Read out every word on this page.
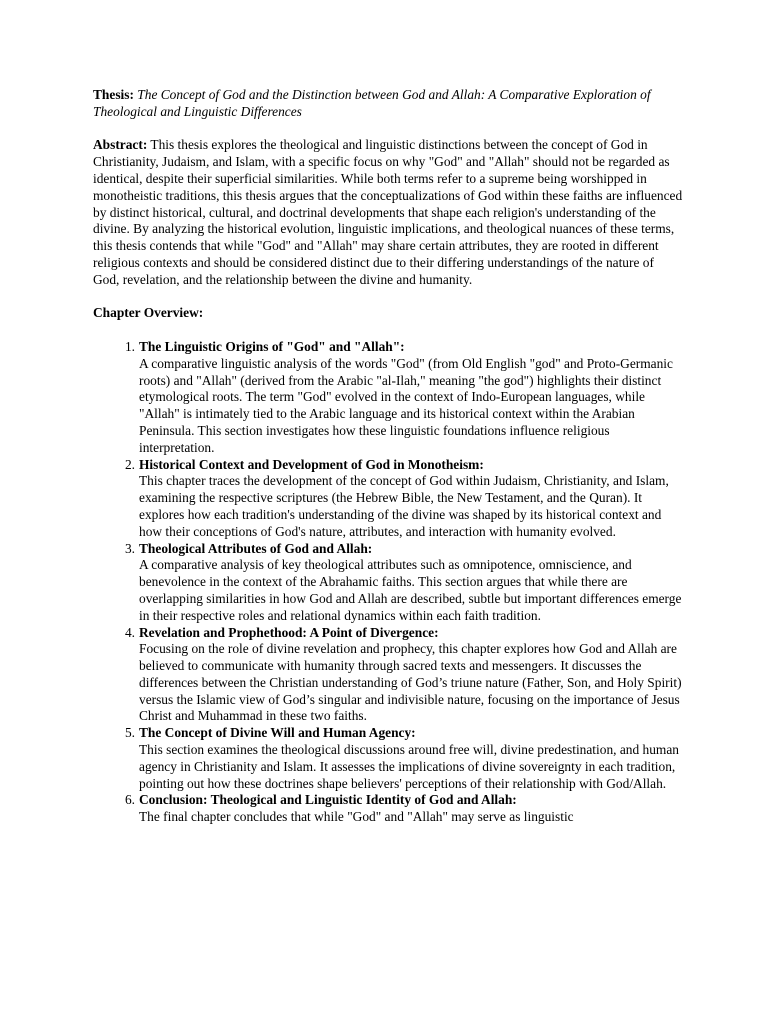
Thesis: The Concept of God and the Distinction between God and Allah: A Comparative Exploration of Theological and Linguistic Differences

Abstract: This thesis explores the theological and linguistic distinctions between the concept of God in Christianity, Judaism, and Islam, with a specific focus on why "God" and "Allah" should not be regarded as identical, despite their superficial similarities. While both terms refer to a supreme being worshipped in monotheistic traditions, this thesis argues that the conceptualizations of God within these faiths are influenced by distinct historical, cultural, and doctrinal developments that shape each religion's understanding of the divine. By analyzing the historical evolution, linguistic implications, and theological nuances of these terms, this thesis contends that while "God" and "Allah" may share certain attributes, they are rooted in different religious contexts and should be considered distinct due to their differing understandings of the nature of God, revelation, and the relationship between the divine and humanity.

Chapter Overview:

1. The Linguistic Origins of "God" and "Allah":
A comparative linguistic analysis of the words "God" (from Old English "god" and Proto-Germanic roots) and "Allah" (derived from the Arabic "al-Ilah," meaning "the god") highlights their distinct etymological roots. The term "God" evolved in the context of Indo-European languages, while "Allah" is intimately tied to the Arabic language and its historical context within the Arabian Peninsula. This section investigates how these linguistic foundations influence religious interpretation.
2. Historical Context and Development of God in Monotheism:
This chapter traces the development of the concept of God within Judaism, Christianity, and Islam, examining the respective scriptures (the Hebrew Bible, the New Testament, and the Quran). It explores how each tradition's understanding of the divine was shaped by its historical context and how their conceptions of God's nature, attributes, and interaction with humanity evolved.
3. Theological Attributes of God and Allah:
A comparative analysis of key theological attributes such as omnipotence, omniscience, and benevolence in the context of the Abrahamic faiths. This section argues that while there are overlapping similarities in how God and Allah are described, subtle but important differences emerge in their respective roles and relational dynamics within each faith tradition.
4. Revelation and Prophethood: A Point of Divergence:
Focusing on the role of divine revelation and prophecy, this chapter explores how God and Allah are believed to communicate with humanity through sacred texts and messengers. It discusses the differences between the Christian understanding of God’s triune nature (Father, Son, and Holy Spirit) versus the Islamic view of God’s singular and indivisible nature, focusing on the importance of Jesus Christ and Muhammad in these two faiths.
5. The Concept of Divine Will and Human Agency:
This section examines the theological discussions around free will, divine predestination, and human agency in Christianity and Islam. It assesses the implications of divine sovereignty in each tradition, pointing out how these doctrines shape believers' perceptions of their relationship with God/Allah.
6. Conclusion: Theological and Linguistic Identity of God and Allah:
The final chapter concludes that while "God" and "Allah" may serve as linguistic
